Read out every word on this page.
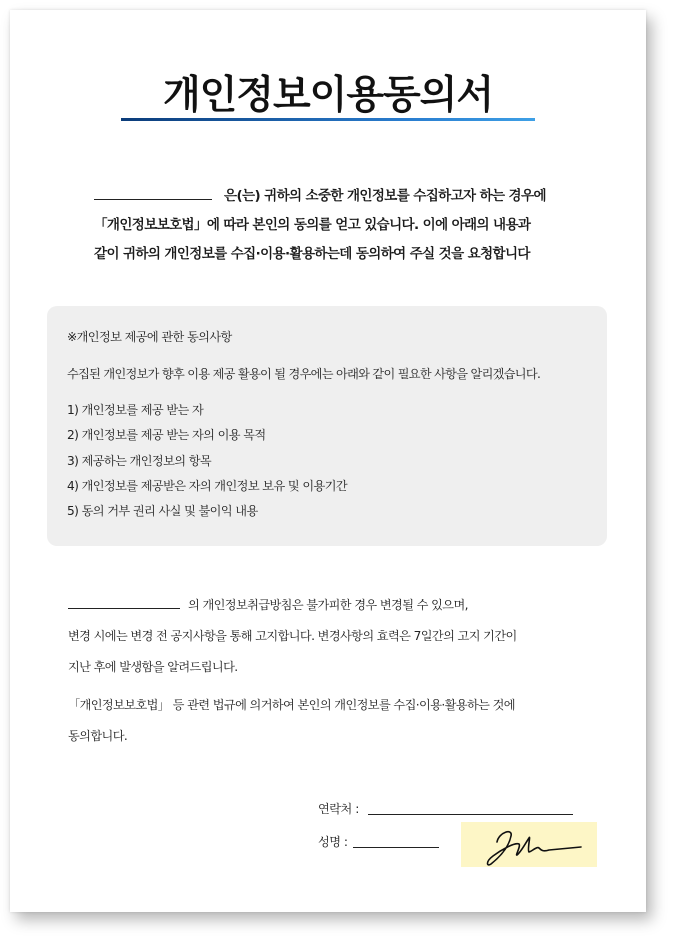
개인정보이용동의서
은(는) 귀하의 소중한 개인정보를 수집하고자 하는 경우에
「개인정보보호법」에 따라 본인의 동의를 얻고 있습니다. 이에 아래의 내용과
같이 귀하의 개인정보를 수집·이용·활용하는데 동의하여 주실 것을 요청합니다
※개인정보 제공에 관한 동의사항
수집된 개인정보가 향후 이용 제공 활용이 될 경우에는 아래와 같이 필요한 사항을 알리겠습니다.
1) 개인정보를 제공 받는 자
2) 개인정보를 제공 받는 자의 이용 목적
3) 제공하는 개인정보의 항목
4) 개인정보를 제공받은 자의 개인정보 보유 및 이용기간
5) 동의 거부 권리 사실 및 불이익 내용
의 개인정보취급방침은 불가피한 경우 변경될 수 있으며,
변경 시에는 변경 전 공지사항을 통해 고지합니다. 변경사항의 효력은 7일간의 고지 기간이
지난 후에 발생함을 알려드립니다.
「개인정보보호법」 등 관련 법규에 의거하여 본인의 개인정보를 수집·이용·활용하는 것에
동의합니다.
연락처 :
성명 :
